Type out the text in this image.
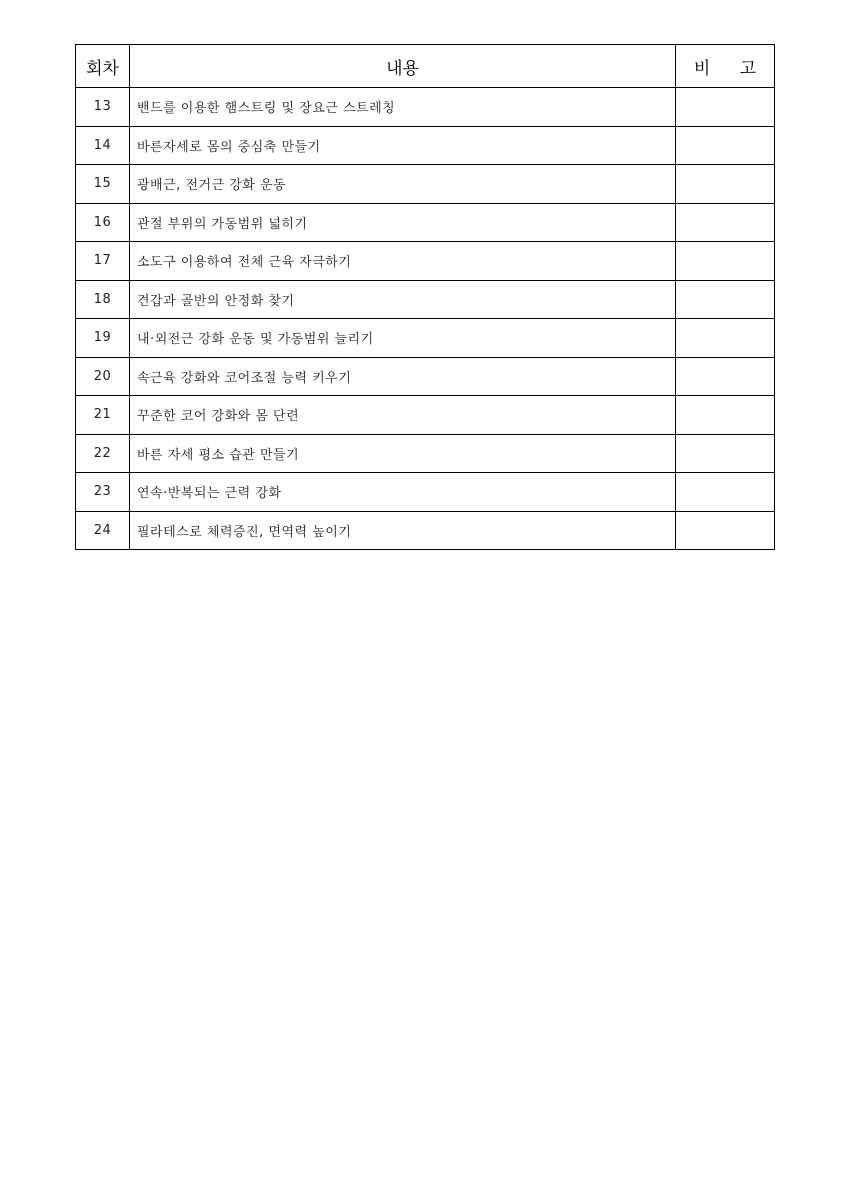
회차	내용	비 고
13	밴드를 이용한 햄스트링 및 장요근 스트레칭	
14	바른자세로 몸의 중심축 만들기	
15	광배근, 전거근 강화 운동	
16	관절 부위의 가동범위 넓히기	
17	소도구 이용하여 전체 근육 자극하기	
18	견갑과 골반의 안정화 찾기	
19	내·외전근 강화 운동 및 가동범위 늘리기	
20	속근육 강화와 코어조절 능력 키우기	
21	꾸준한 코어 강화와 몸 단련	
22	바른 자세 평소 습관 만들기	
23	연속·반복되는 근력 강화	
24	필라테스로 체력증진, 면역력 높이기	
